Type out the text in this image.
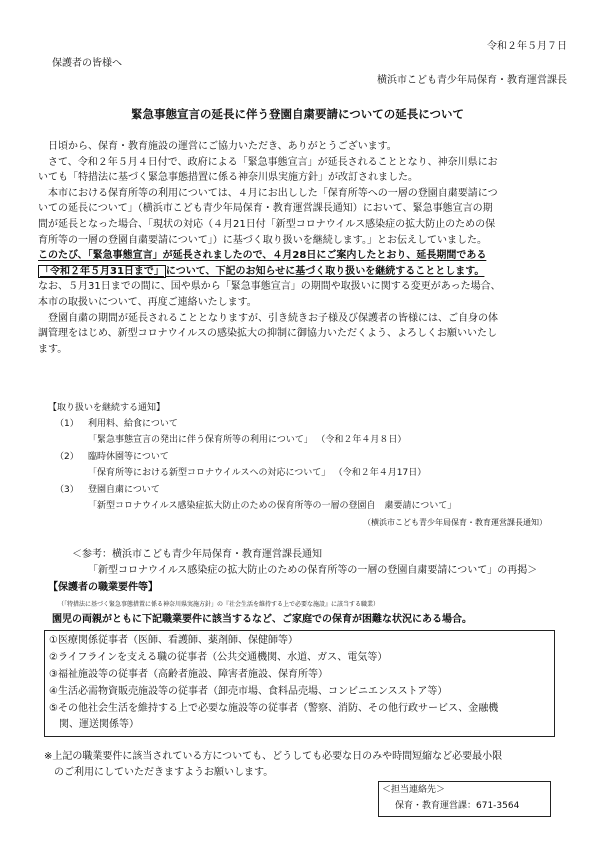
令和２年５月７日
保護者の皆様へ
横浜市こども青少年局保育・教育運営課長
緊急事態宣言の延長に伴う登園自粛要請についての延長について

日頃から、保育・教育施設の運営にご協力いただき、ありがとうございます。

さて、令和２年５月４日付で、政府による「緊急事態宣言」が延長されることとなり、神奈川県にお

いても「特措法に基づく緊急事態措置に係る神奈川県実施方針」が改訂されました。

本市における保育所等の利用については、４月にお出しした「保育所等への一層の登園自粛要請につ

いての延長について」（横浜市こども青少年局保育・教育運営課長通知）において、緊急事態宣言の期

間が延長となった場合、「現状の対応（４月21日付「新型コロナウイルス感染症の拡大防止のための保

育所等の一層の登園自粛要請について」）に基づく取り扱いを継続します。」とお伝えしていました。

このたび、「緊急事態宣言」が延長されましたので、４月28日にご案内したとおり、延長期間である

「令和２年５月31日まで」 について、下記のお知らせに基づく取り扱いを継続することとします。

なお、５月31日までの間に、国や県から「緊急事態宣言」の期間や取扱いに関する変更があった場合、

本市の取扱いについて、再度ご連絡いたします。

登園自粛の期間が延長されることとなりますが、引き続きお子様及び保護者の皆様には、ご自身の体

調管理をはじめ、新型コロナウイルスの感染拡大の抑制に御協力いただくよう、よろしくお願いいたし

ます。

【取り扱いを継続する通知】
（1） 利用料、給食について
「緊急事態宣言の発出に伴う保育所等の利用について」 （令和２年４月８日）
（2） 臨時休園等について
「保育所等における新型コロナウイルスへの対応について」 （令和２年４月17日）
（3） 登園自粛について
「新型コロナウイルス感染症拡大防止のための保育所等の一層の登園自　粛要請について」
（横浜市こども青少年局保育・教育運営課長通知）
＜参考：横浜市こども青少年局保育・教育運営課長通知
「新型コロナウイルス感染症の拡大防止のための保育所等の一層の登園自粛要請について」の再掲＞
【保護者の職業要件等】
（「特措法に基づく緊急事態措置に係る神奈川県実施方針」の『社会生活を維持する上で必要な施設』に該当する職業）
園児の両親がともに下記職業要件に該当するなど、ご家庭での保育が困難な状況にある場合。
①医療関係従事者（医師、看護師、薬剤師、保健師等）
②ライフラインを支える職の従事者（公共交通機関、水道、ガス、電気等）
③福祉施設等の従事者（高齢者施設、障害者施設、保育所等）
④生活必需物資販売施設等の従事者（卸売市場、食料品売場、コンビニエンスストア等）
⑤その他社会生活を維持する上で必要な施設等の従事者（警察、消防、その他行政サービス、金融機
　関、運送関係等）
※上記の職業要件に該当されている方についても、どうしても必要な日のみや時間短縮など必要最小限
　のご利用にしていただきますようお願いします。
＜担当連絡先＞
保育・教育運営課：671-3564
